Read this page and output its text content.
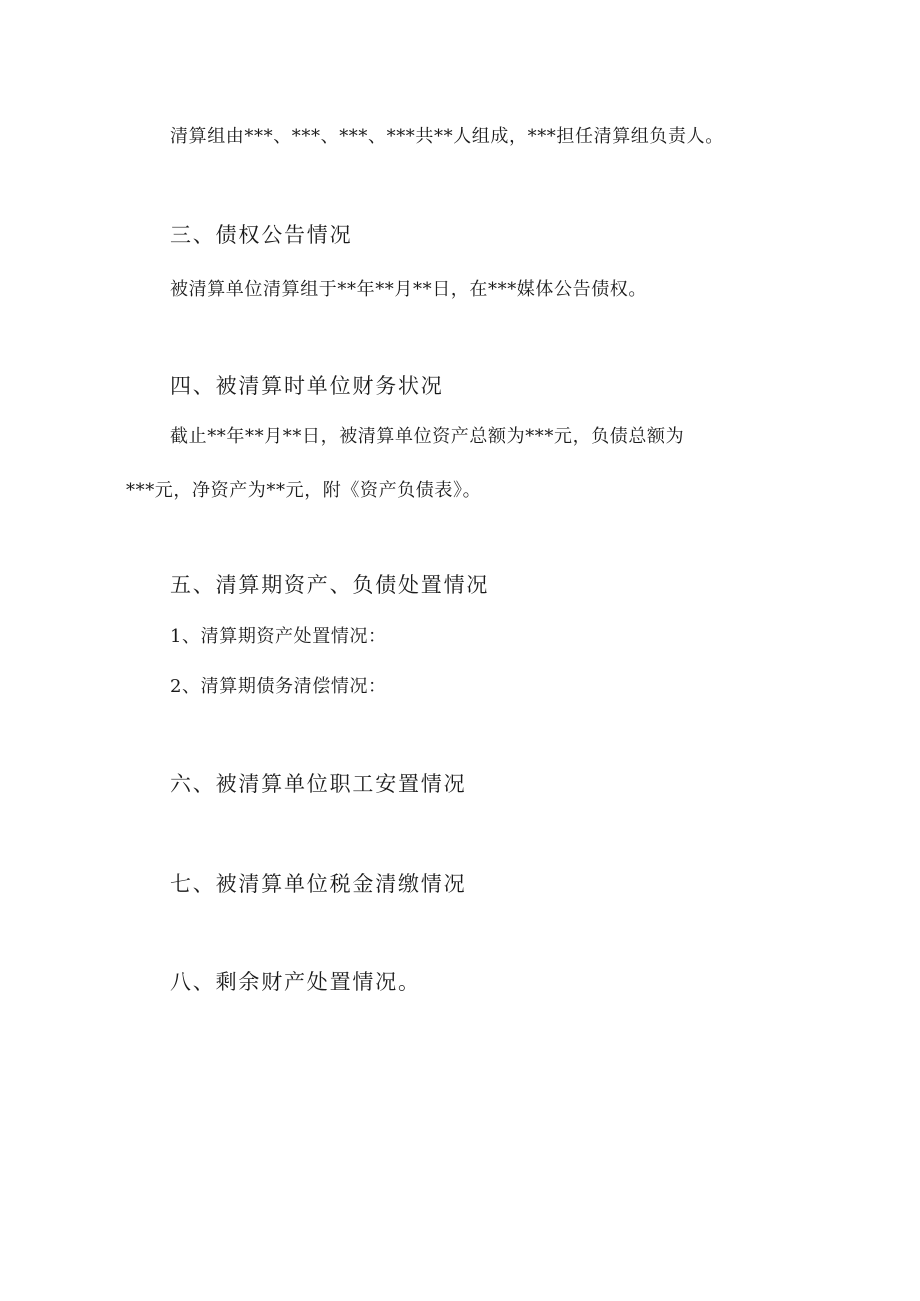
清算组由***、***、***、***共**人组成，***担任清算组负责人。
三、债权公告情况
被清算单位清算组于**年**月**日，在***媒体公告债权。
四、被清算时单位财务状况
截止**年**月**日，被清算单位资产总额为***元，负债总额为
***元，净资产为**元，附《资产负债表》。
五、清算期资产、负债处置情况
1、清算期资产处置情况：
2、清算期债务清偿情况：
六、被清算单位职工安置情况
七、被清算单位税金清缴情况
八、剩余财产处置情况。
